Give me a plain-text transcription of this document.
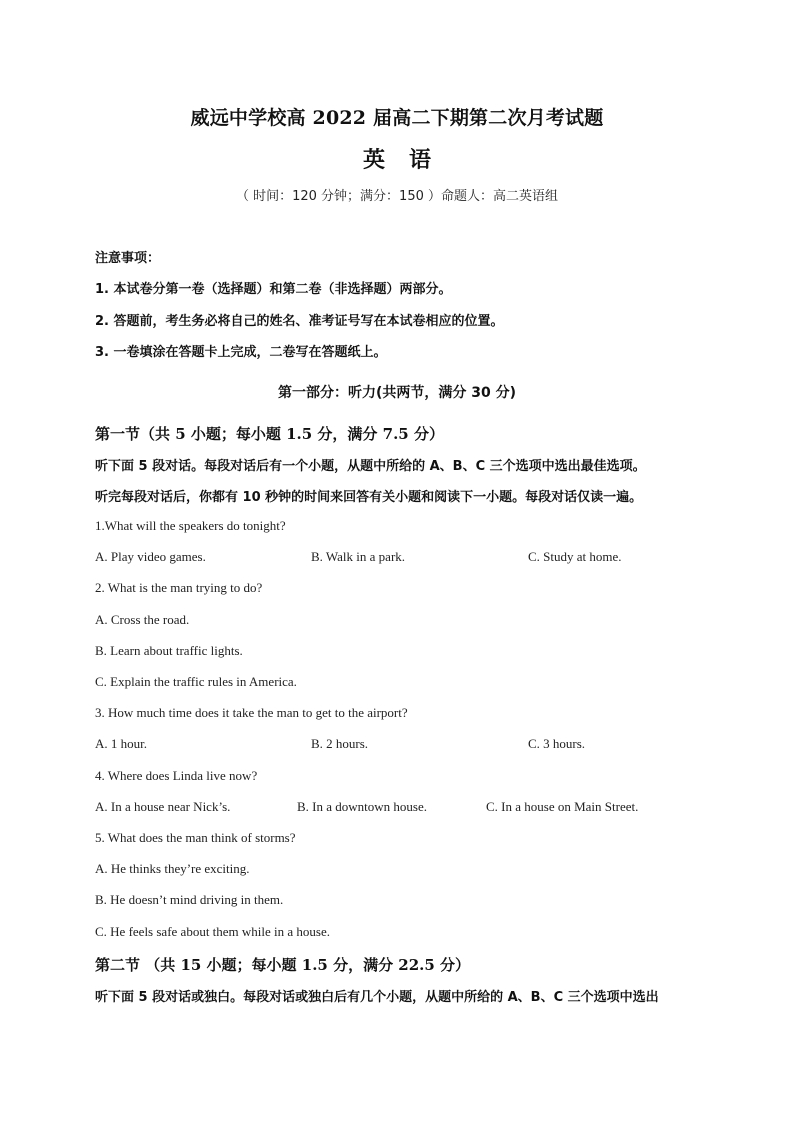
威远中学校高 2022 届高二下期第二次月考试题
英语
（ 时间：120 分钟；满分：150 ）命题人：高二英语组
注意事项：
1. 本试卷分第一卷（选择题）和第二卷（非选择题）两部分。
2. 答题前，考生务必将自己的姓名、准考证号写在本试卷相应的位置。
3. 一卷填涂在答题卡上完成，二卷写在答题纸上。
第一部分：听力(共两节，满分 30 分)
第一节（共 5 小题；每小题 1.5 分，满分 7.5 分）
听下面 5 段对话。每段对话后有一个小题，从题中所给的 A、B、C 三个选项中选出最佳选项。
听完每段对话后，你都有 10 秒钟的时间来回答有关小题和阅读下一小题。每段对话仅读一遍。
1.What will the speakers do tonight?
A. Play video games.	B. Walk in a park.	C. Study at home.
2. What is the man trying to do?
A. Cross the road.
B. Learn about traffic lights.
C. Explain the traffic rules in America.
3. How much time does it take the man to get to the airport?
A. 1 hour.	B. 2 hours.	C. 3 hours.
4. Where does Linda live now?
A. In a house near Nick’s.	B. In a downtown house.	C. In a house on Main Street.
5. What does the man think of storms?
A. He thinks they’re exciting.
B. He doesn’t mind driving in them.
C. He feels safe about them while in a house.
第二节 （共 15 小题；每小题 1.5 分，满分 22.5 分）
听下面 5 段对话或独白。每段对话或独白后有几个小题，从题中所给的 A、B、C 三个选项中选出
